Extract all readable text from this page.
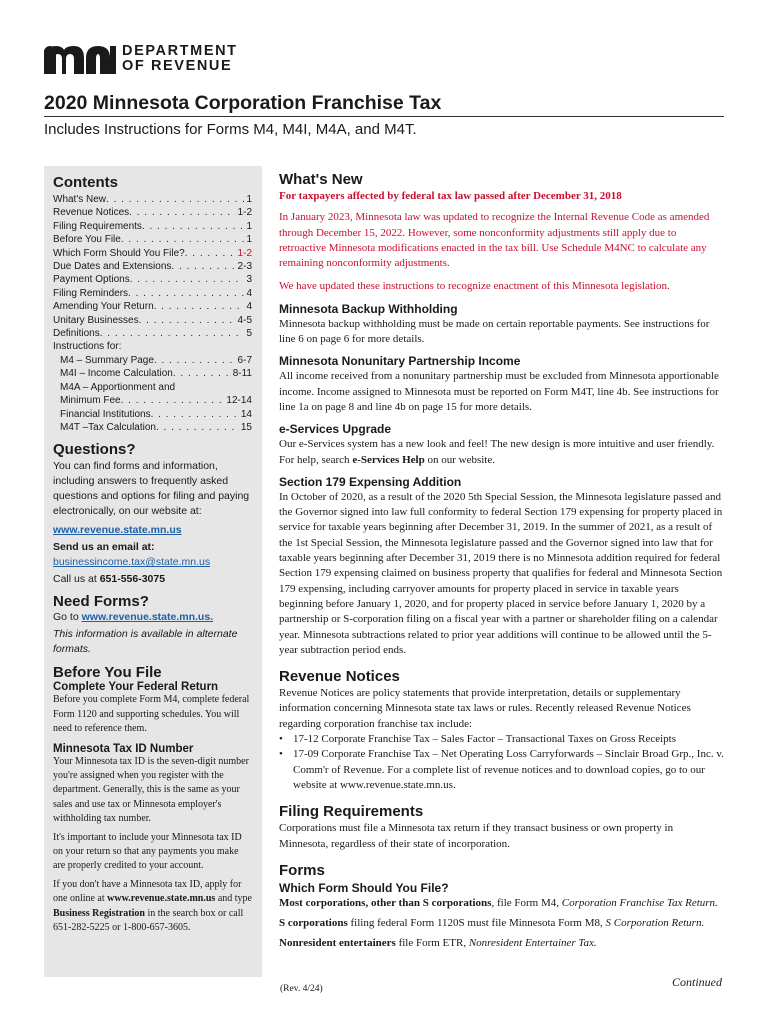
DEPARTMENT
OF REVENUE
2020 Minnesota Corporation Franchise Tax
Includes Instructions for Forms M4, M4I, M4A, and M4T.
Contents
What's New . . .	1
Revenue Notices . . .	1-2
Filing Requirements . . .	1
Before You File . . .	1
Which Form Should You File? . . .	1-2
Due Dates and Extensions . . .	2-3
Payment Options . . .	3
Filing Reminders . . .	4
Amending Your Return . . .	4
Unitary Businesses . . .	4-5
Definitions . . .	5
Instructions for:
M4 – Summary Page . . .	6-7
M4I – Income Calculation . . .	8-11
M4A – Apportionment and
Minimum Fee . . .	12-14
Financial Institutions . . .	14
M4T –Tax Calculation . . .	15
Questions?

You can find forms and information, including answers to frequently asked questions and options for filing and paying electronically, on our website at:

www.revenue.state.mn.us

Send us an email at:

businessincome.tax@state.mn.us

Call us at 651-556-3075

Need Forms?

Go to www.revenue.state.mn.us.

This information is available in alternate formats.

Before You File
Complete Your Federal Return

Before you complete Form M4, complete federal Form 1120 and supporting schedules. You will need to reference them.

Minnesota Tax ID Number

Your Minnesota tax ID is the seven-digit number you're assigned when you register with the department. Generally, this is the same as your sales and use tax or Minnesota employer's withholding tax number.

It's important to include your Minnesota tax ID on your return so that any payments you make are properly credited to your account.

If you don't have a Minnesota tax ID, apply for one online at www.revenue.state.mn.us and type Business Registration in the search box or call 651-282-5225 or 1-800-657-3605.

What's New

For taxpayers affected by federal tax law passed after December 31, 2018

In January 2023, Minnesota law was updated to recognize the Internal Revenue Code as amended through December 15, 2022. However, some nonconformity adjustments still apply due to retroactive Minnesota modifications enacted in the tax bill. Use Schedule M4NC to calculate any remaining nonconformity adjustments.

We have updated these instructions to recognize enactment of this Minnesota legislation.

Minnesota Backup Withholding

Minnesota backup withholding must be made on certain reportable payments. See instructions for line 6 on page 6 for more details.

Minnesota Nonunitary Partnership Income

All income received from a nonunitary partnership must be excluded from Minnesota apportionable income. Income assigned to Minnesota must be reported on Form M4T, line 4b. See instructions for line 1a on page 8 and line 4b on page 15 for more details.

e-Services Upgrade

Our e-Services system has a new look and feel! The new design is more intuitive and user friendly. For help, search e-Services Help on our website.

Section 179 Expensing Addition

In October of 2020, as a result of the 2020 5th Special Session, the Minnesota legislature passed and the Governor signed into law full conformity to federal Section 179 expensing for property placed in service for taxable years beginning after December 31, 2019. In the summer of 2021, as a result of the 1st Special Session, the Minnesota legislature passed and the Governor signed into law that for taxable years beginning after December 31, 2019 there is no Minnesota addition required for federal Section 179 expensing claimed on business property that qualifies for federal and Minnesota Section 179 expensing, including carryover amounts for property placed in service in taxable years beginning before January 1, 2020, and for property placed in service before January 1, 2020 by a partnership or S-corporation filing on a fiscal year with a partner or shareholder filing on a calendar year. Minnesota subtractions related to prior year additions will continue to be allowed until the 5-year subtraction period ends.

Revenue Notices

Revenue Notices are policy statements that provide interpretation, details or supplementary information concerning Minnesota state tax laws or rules. Recently released Revenue Notices regarding corporation franchise tax include:

• 17-12 Corporate Franchise Tax – Sales Factor – Transactional Taxes on Gross Receipts
• 17-09 Corporate Franchise Tax – Net Operating Loss Carryforwards – Sinclair Broad Grp., Inc. v. Comm'r of Revenue. For a complete list of revenue notices and to download copies, go to our website at www.revenue.state.mn.us.
Filing Requirements

Corporations must file a Minnesota tax return if they transact business or own property in Minnesota, regardless of their state of incorporation.

Forms
Which Form Should You File?

Most corporations, other than S corporations, file Form M4, Corporation Franchise Tax Return.

S corporations filing federal Form 1120S must file Minnesota Form M8, S Corporation Return.

Nonresident entertainers file Form ETR, Nonresident Entertainer Tax.

(Rev. 4/24)	Continued
